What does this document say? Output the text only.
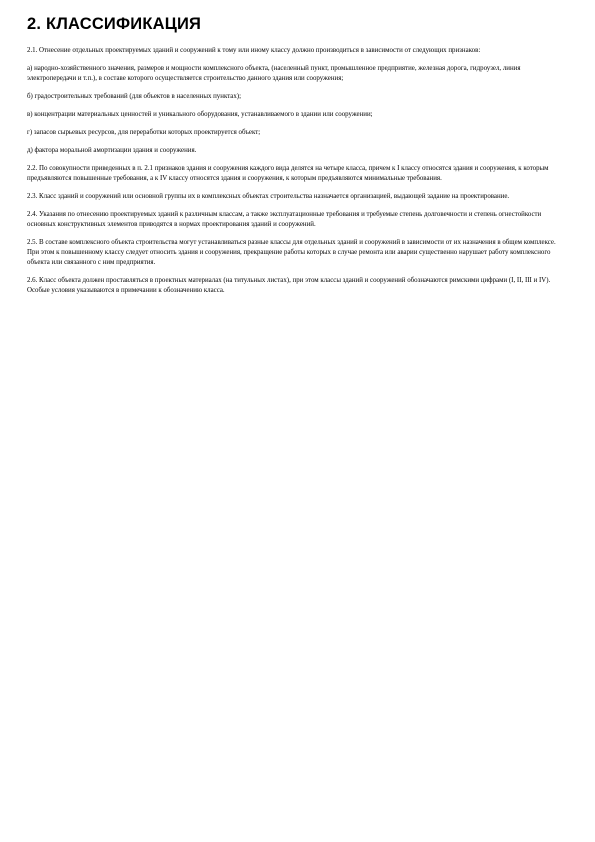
2. КЛАССИФИКАЦИЯ

2.1. Отнесение отдельных проектируемых зданий и сооружений к тому или иному классу должно производиться в зависимости от следующих признаков:

а) народно-хозяйственного значения, размеров и мощности комплексного объекта, (населенный пункт, промышленное предприятие, железная дорога, гидроузел, линия электропередачи и т.п.), в составе которого осуществляется строительство данного здания или сооружения;

б) градостроительных требований (для объектов в населенных пунктах);

в) концентрации материальных ценностей и уникального оборудования, устанавливаемого в здании или сооружении;

г) запасов сырьевых ресурсов, для переработки которых проектируется объект;

д) фактора моральной амортизации здания и сооружения.

2.2. По совокупности приведенных в п. 2.1 признаков здания и сооружения каждого вида делятся на четыре класса, причем к I классу относятся здания и сооружения, к которым предъявляются повышенные требования, а к IV классу относятся здания и сооружения, к которым предъявляются минимальные требования.

2.3. Класс зданий и сооружений или основной группы их в комплексных объектах строительства назначается организацией, выдающей задание на проектирование.

2.4. Указания по отнесению проектируемых зданий к различным классам, а также эксплуатационные требования и требуемые степень долговечности и степень огнестойкости основных конструктивных элементов приводятся в нормах проектирования зданий и сооружений.

2.5. В составе комплексного объекта строительства могут устанавливаться разные классы для отдельных зданий и сооружений в зависимости от их назначения в общем комплексе. При этом к повышенному классу следует относить здания и сооружения, прекращение работы которых в случае ремонта или аварии существенно нарушает работу комплексного объекта или связанного с ним предприятия.

2.6. Класс объекта должен проставляться в проектных материалах (на титульных листах), при этом классы зданий и сооружений обозначаются римскими цифрами (I, II, III и IV). Особые условия указываются в примечании к обозначению класса.
